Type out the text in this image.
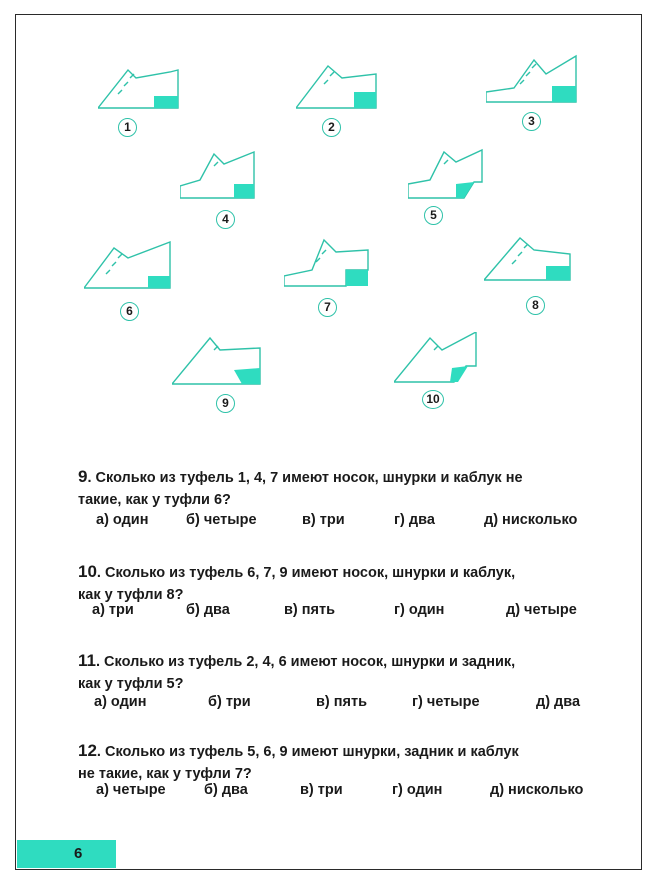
1	2	3
4	5
6	7	8
9	10
9. Сколько из туфель 1, 4, 7 имеют носок, шнурки и каблук не
такие, как у туфли 6?
а) один	б) четыре	в) три	г) два	д) нисколько
10. Сколько из туфель 6, 7, 9 имеют носок, шнурки и каблук,
как у туфли 8?
а) три	б) два	в) пять	г) один	д) четыре
11. Сколько из туфель 2, 4, 6 имеют носок, шнурки и задник,
как у туфли 5?
а) один	б) три	в) пять	г) четыре	д) два
12. Сколько из туфель 5, 6, 9 имеют шнурки, задник и каблук
не такие, как у туфли 7?
а) четыре	б) два	в) три	г) один	д) нисколько
6
